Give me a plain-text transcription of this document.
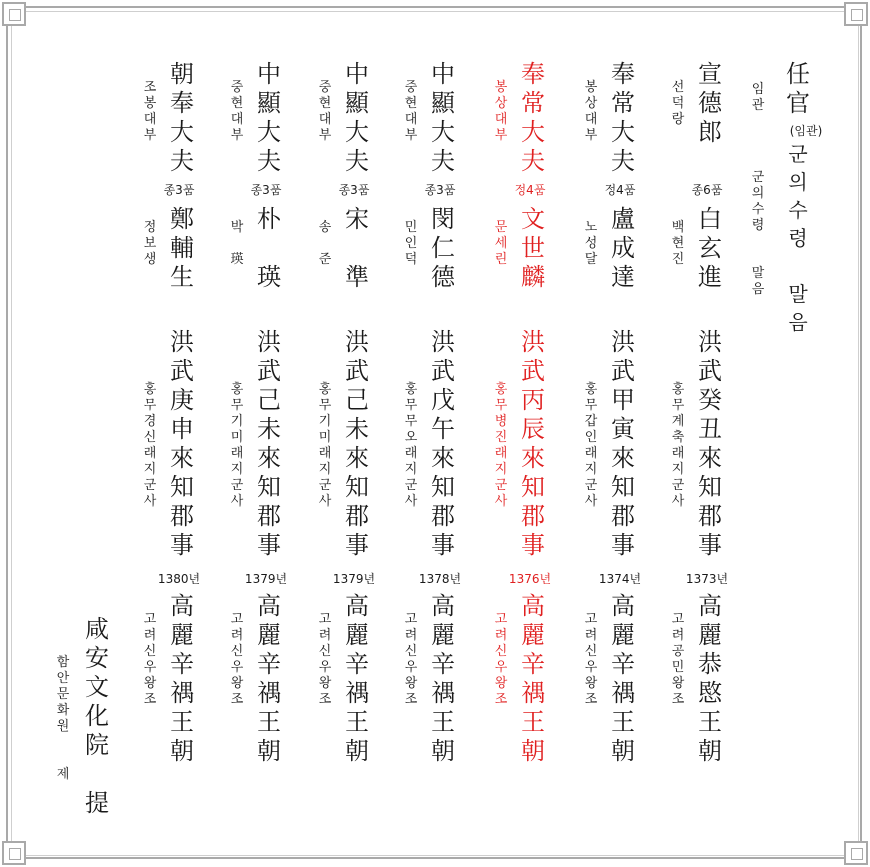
任
官
(임관)
임
관
군
의
수
령

말
음
군
의
수
령

말
음
咸
安
文
化
院

提
함
안
문
화
원

제
宣
德
郎
선
덕
랑
종6품
白
玄
進
백
현
진
洪
武
癸
丑
來
知
郡
事
홍
무
계
축
래
지
군
사
1373년
高
麗
恭
愍
王
朝
고
려
공
민
왕
조
奉
常
大
夫
봉
상
대
부
정4품
盧
成
達
노
성
달
洪
武
甲
寅
來
知
郡
事
홍
무
갑
인
래
지
군
사
1374년
高
麗
辛
禑
王
朝
고
려
신
우
왕
조
奉
常
大
夫
봉
상
대
부
정4품
文
世
麟
문
세
린
洪
武
丙
辰
來
知
郡
事
홍
무
병
진
래
지
군
사
1376년
高
麗
辛
禑
王
朝
고
려
신
우
왕
조
中
顯
大
夫
중
현
대
부
종3품
閔
仁
德
민
인
덕
洪
武
戊
午
來
知
郡
事
홍
무
무
오
래
지
군
사
1378년
高
麗
辛
禑
王
朝
고
려
신
우
왕
조
中
顯
大
夫
중
현
대
부
종3품
宋

準
송

준
洪
武
己
未
來
知
郡
事
홍
무
기
미
래
지
군
사
1379년
高
麗
辛
禑
王
朝
고
려
신
우
왕
조
中
顯
大
夫
중
현
대
부
종3품
朴

瑛
박

瑛
洪
武
己
未
來
知
郡
事
홍
무
기
미
래
지
군
사
1379년
高
麗
辛
禑
王
朝
고
려
신
우
왕
조
朝
奉
大
夫
조
봉
대
부
종3품
鄭
輔
生
정
보
생
洪
武
庚
申
來
知
郡
事
홍
무
경
신
래
지
군
사
1380년
高
麗
辛
禑
王
朝
고
려
신
우
왕
조
